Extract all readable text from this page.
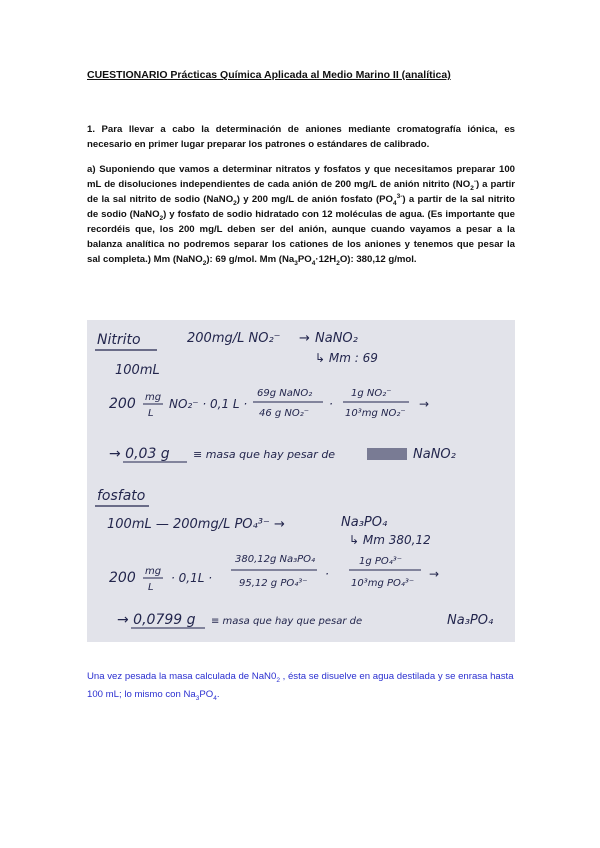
CUESTIONARIO Prácticas Química Aplicada al Medio Marino II (analítica)
1. Para llevar a cabo la determinación de aniones mediante cromatografía iónica, es necesario en primer lugar preparar los patrones o estándares de calibrado.
a) Suponiendo que vamos a determinar nitratos y fosfatos y que necesitamos preparar 100 mL de disoluciones independientes de cada anión de 200 mg/L de anión nitrito $(NO_2^-)$ a partir de la sal nitrito de sodio (NaNO$_2$) y 200 mg/L de anión fosfato $(PO_4^{3-})$ a partir de la sal nitrito de sodio (NaNO$_2$) y fosfato de sodio hidratado con 12 moléculas de agua. (Es importante que recordéis que, los 200 mg/L deben ser del anión, aunque cuando vayamos a pesar a la balanza analítica no podremos separar los cationes de los aniones y tenemos que pesar la sal completa.) Mm (NaNO$_2$): 69 g/mol. Mm $(Na_3PO_4\cdot 12H_2O)$: 380,12 g/mol.
Nitrito	200mg/L NO₂⁻ → NaNO₂
↳ Mm : 69
100mL
200 mg
L
NO₂⁻ · 0,1 L ·
69g NaNO₂
46 g NO₂⁻
·
1g NO₂⁻
10³mg NO₂⁻
→
→ 0,03 g ≡ masa que hay pesar de	NaNO₂
fosfato
100mL — 200mg/L PO₄³⁻ →	Na₃PO₄
↳ Mm 380,12
200 mg
L
· 0,1L ·
380,12g Na₃PO₄
95,12 g PO₄³⁻
·
1g PO₄³⁻
10³mg PO₄³⁻
→
→ 0,0799 g ≡ masa que hay que pesar de	Na₃PO₄
Una vez pesada la masa calculada de $NaN0_2$ , ésta se disuelve en agua destilada y se enrasa hasta 100 mL; lo mismo con $Na_3PO_4$.
